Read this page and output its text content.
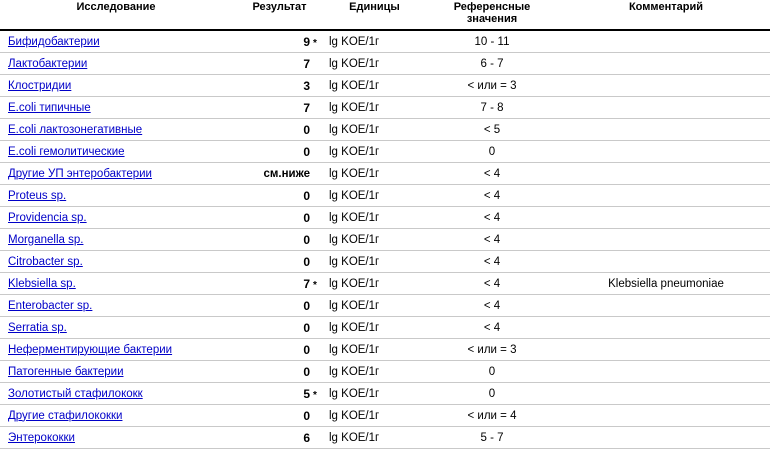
Исследование	Результат	Единицы	Референсные
значения	Комментарий
Бифидобактерии	9 *	lg KOE/1г	10 - 11	
Лактобактерии	7	lg KOE/1г	6 - 7	
Клостридии	3	lg KOE/1г	< или = 3	
E.coli типичные	7	lg KOE/1г	7 - 8	
E.coli лактозонегативные	0	lg KOE/1г	< 5	
E.coli гемолитические	0	lg KOE/1г	0	
Другие УП энтеробактерии	см.ниже	lg KOE/1г	< 4	
Proteus sp.	0	lg KOE/1г	< 4	
Providencia sp.	0	lg KOE/1г	< 4	
Morganella sp.	0	lg KOE/1г	< 4	
Citrobacter sp.	0	lg KOE/1г	< 4	
Klebsiella sp.	7 *	lg KOE/1г	< 4	Klebsiella pneumoniae
Enterobacter sp.	0	lg KOE/1г	< 4	
Serratia sp.	0	lg KOE/1г	< 4	
Неферментирующие бактерии	0	lg KOE/1г	< или = 3	
Патогенные бактерии	0	lg KOE/1г	0	
Золотистый стафилококк	5 *	lg KOE/1г	0	
Другие стафилококки	0	lg KOE/1г	< или = 4	
Энтерококки	6	lg KOE/1г	5 - 7	
